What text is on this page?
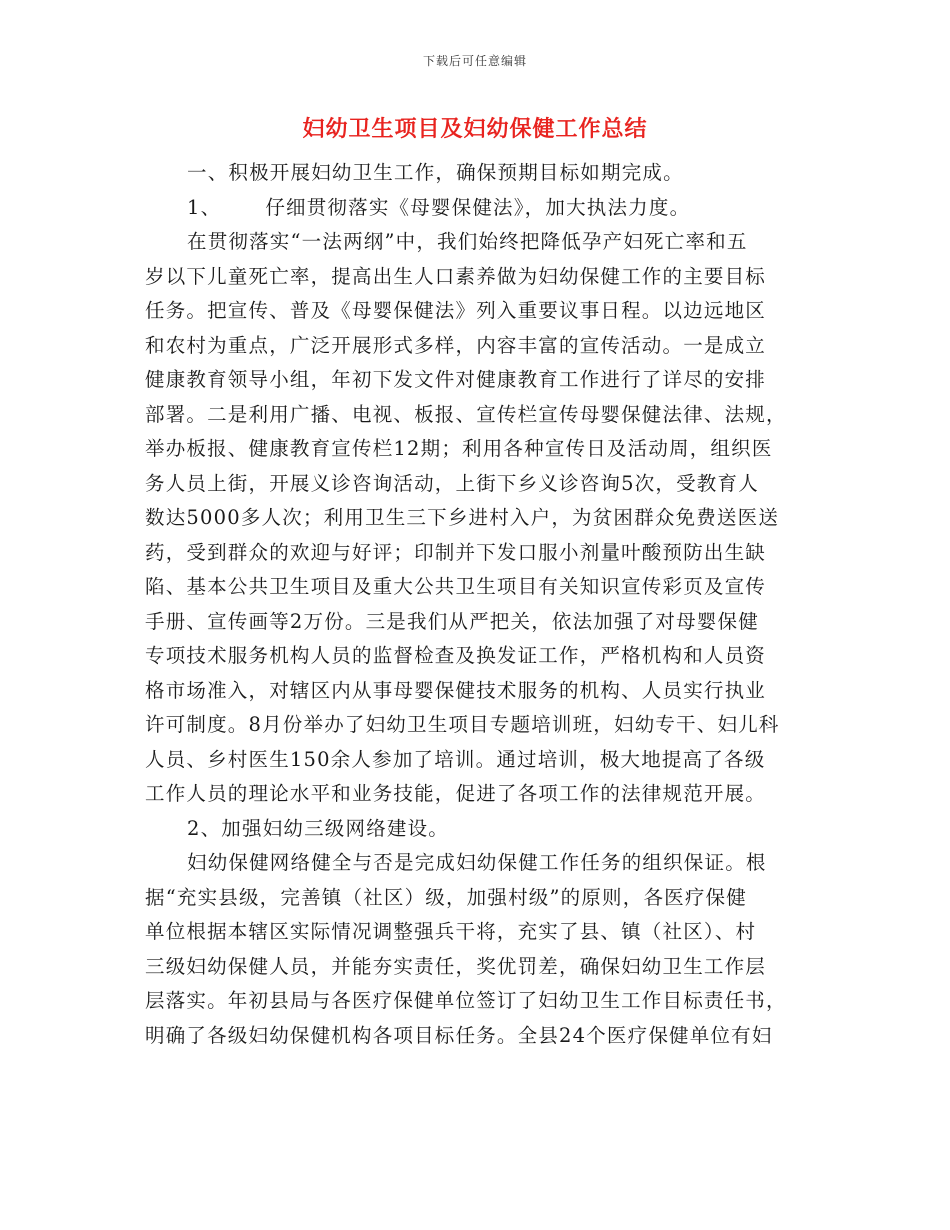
下载后可任意编辑
妇幼卫生项目及妇幼保健工作总结
一、积极开展妇幼卫生工作，确保预期目标如期完成。
1、 仔细贯彻落实《母婴保健法》，加大执法力度。
在贯彻落实“一法两纲”中，我们始终把降低孕产妇死亡率和五
岁以下儿童死亡率，提高出生人口素养做为妇幼保健工作的主要目标
任务。把宣传、普及《母婴保健法》列入重要议事日程。以边远地区
和农村为重点，广泛开展形式多样，内容丰富的宣传活动。一是成立
健康教育领导小组，年初下发文件对健康教育工作进行了详尽的安排
部署。二是利用广播、电视、板报、宣传栏宣传母婴保健法律、法规，
举办板报、健康教育宣传栏12期；利用各种宣传日及活动周，组织医
务人员上街，开展义诊咨询活动，上街下乡义诊咨询5次，受教育人
数达5000多人次；利用卫生三下乡进村入户，为贫困群众免费送医送
药，受到群众的欢迎与好评；印制并下发口服小剂量叶酸预防出生缺
陷、基本公共卫生项目及重大公共卫生项目有关知识宣传彩页及宣传
手册、宣传画等2万份。三是我们从严把关，依法加强了对母婴保健
专项技术服务机构人员的监督检查及换发证工作，严格机构和人员资
格市场准入，对辖区内从事母婴保健技术服务的机构、人员实行执业
许可制度。8月份举办了妇幼卫生项目专题培训班，妇幼专干、妇儿科
人员、乡村医生150余人参加了培训。通过培训，极大地提高了各级
工作人员的理论水平和业务技能，促进了各项工作的法律规范开展。
2、加强妇幼三级网络建设。
妇幼保健网络健全与否是完成妇幼保健工作任务的组织保证。根
据“充实县级，完善镇（社区）级，加强村级”的原则，各医疗保健
单位根据本辖区实际情况调整强兵干将，充实了县、镇（社区）、村
三级妇幼保健人员，并能夯实责任，奖优罚差，确保妇幼卫生工作层
层落实。年初县局与各医疗保健单位签订了妇幼卫生工作目标责任书，
明确了各级妇幼保健机构各项目标任务。全县24个医疗保健单位有妇
